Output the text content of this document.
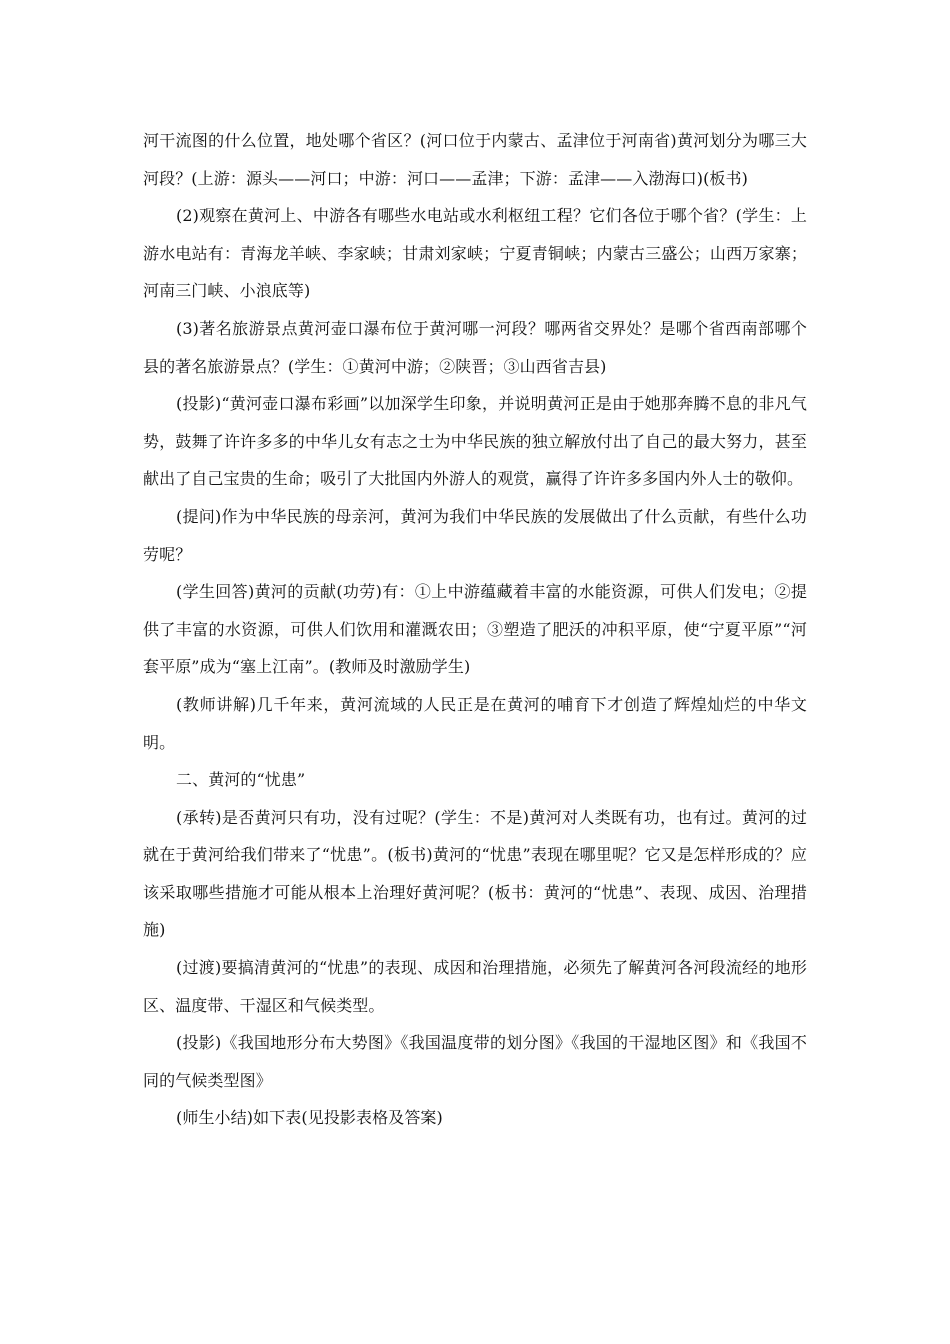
河干流图的什么位置，地处哪个省区？(河口位于内蒙古、孟津位于河南省)黄河划分为哪三大河段？(上游：源头——河口；中游：河口——孟津；下游：孟津——入渤海口)(板书)

(2)观察在黄河上、中游各有哪些水电站或水利枢纽工程？它们各位于哪个省？(学生：上游水电站有：青海龙羊峡、李家峡；甘肃刘家峡；宁夏青铜峡；内蒙古三盛公；山西万家寨；河南三门峡、小浪底等)

(3)著名旅游景点黄河壶口瀑布位于黄河哪一河段？哪两省交界处？是哪个省西南部哪个县的著名旅游景点？(学生：①黄河中游；②陕晋；③山西省吉县)

(投影)“黄河壶口瀑布彩画”以加深学生印象，并说明黄河正是由于她那奔腾不息的非凡气势，鼓舞了许许多多的中华儿女有志之士为中华民族的独立解放付出了自己的最大努力，甚至献出了自己宝贵的生命；吸引了大批国内外游人的观赏，赢得了许许多多国内外人士的敬仰。

(提问)作为中华民族的母亲河，黄河为我们中华民族的发展做出了什么贡献，有些什么功劳呢？

(学生回答)黄河的贡献(功劳)有：①上中游蕴藏着丰富的水能资源，可供人们发电；②提供了丰富的水资源，可供人们饮用和灌溉农田；③塑造了肥沃的冲积平原，使“宁夏平原”“河套平原”成为“塞上江南”。(教师及时激励学生)

(教师讲解)几千年来，黄河流域的人民正是在黄河的哺育下才创造了辉煌灿烂的中华文明。

二、黄河的“忧患”

(承转)是否黄河只有功，没有过呢？(学生：不是)黄河对人类既有功，也有过。黄河的过就在于黄河给我们带来了“忧患”。(板书)黄河的“忧患”表现在哪里呢？它又是怎样形成的？应该采取哪些措施才可能从根本上治理好黄河呢？(板书：黄河的“忧患”、表现、成因、治理措施)

(过渡)要搞清黄河的“忧患”的表现、成因和治理措施，必须先了解黄河各河段流经的地形区、温度带、干湿区和气候类型。

(投影)《我国地形分布大势图》《我国温度带的划分图》《我国的干湿地区图》和《我国不同的气候类型图》

(师生小结)如下表(见投影表格及答案)
